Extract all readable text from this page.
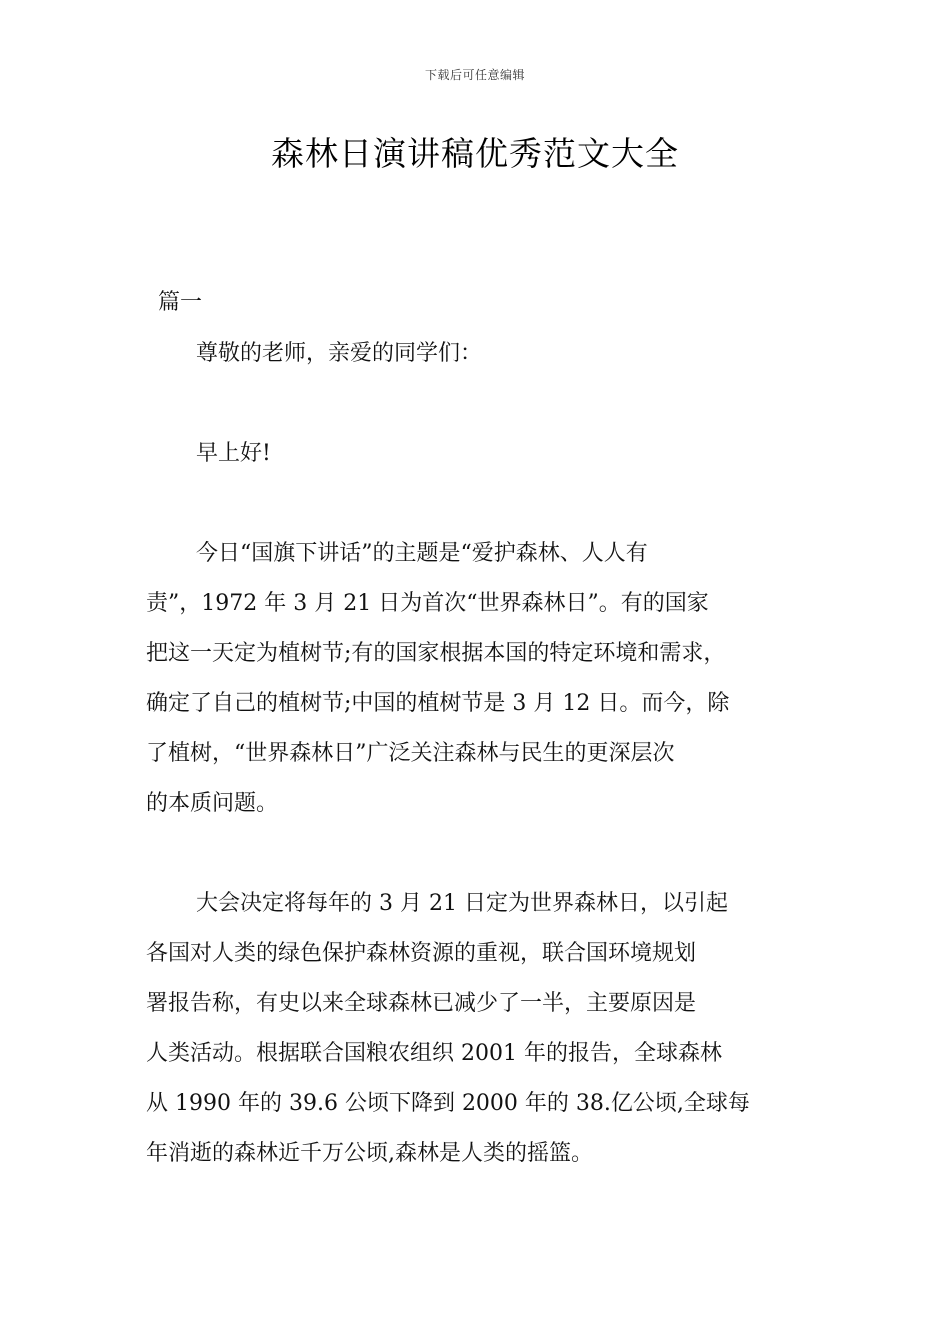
下载后可任意编辑
森林日演讲稿优秀范文大全
篇一
尊敬的老师，亲爱的同学们：
早上好!
今日“国旗下讲话”的主题是“爱护森林、人人有
责”，1972 年 3 月 21 日为首次“世界森林日”。有的国家
把这一天定为植树节;有的国家根据本国的特定环境和需求，
确定了自己的植树节;中国的植树节是 3 月 12 日。而今，除
了植树，“世界森林日”广泛关注森林与民生的更深层次
的本质问题。
大会决定将每年的 3 月 21 日定为世界森林日，以引起
各国对人类的绿色保护森林资源的重视，联合国环境规划
署报告称，有史以来全球森林已减少了一半，主要原因是
人类活动。根据联合国粮农组织 2001 年的报告，全球森林
从 1990 年的 39.6 公顷下降到 2000 年的 38.亿公顷,全球每
年消逝的森林近千万公顷,森林是人类的摇篮。
